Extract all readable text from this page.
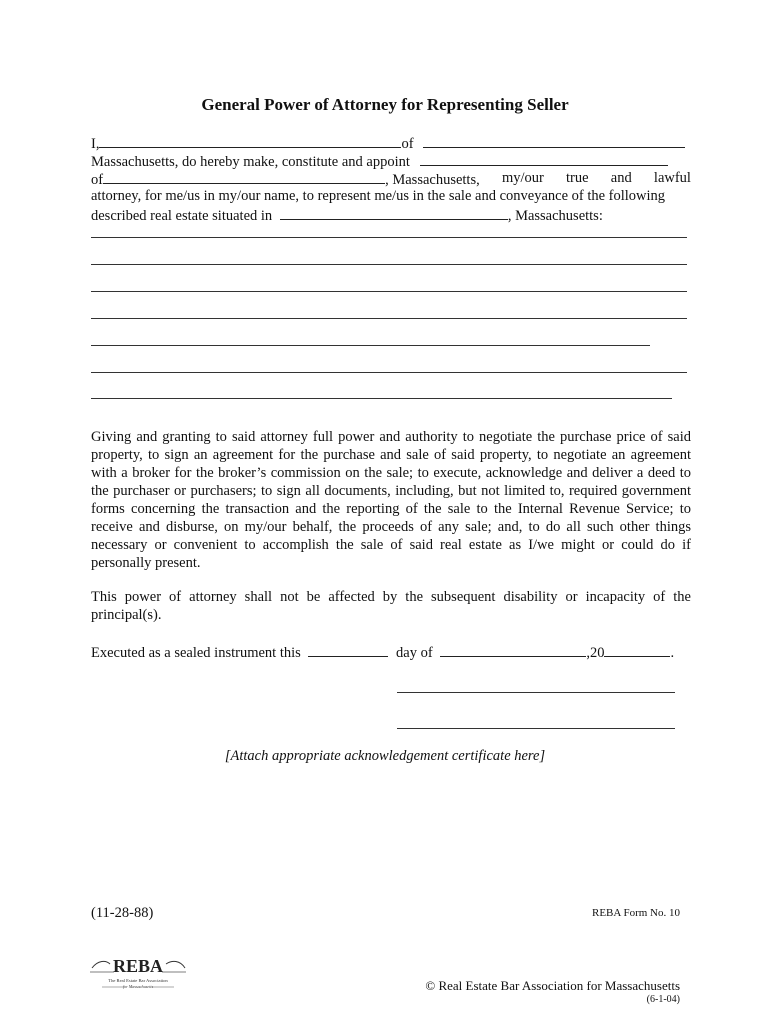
General Power of Attorney for Representing Seller
I,	of
Massachusetts, do hereby make, constitute and appoint
of	, Massachusetts, my/our true and lawful
attorney, for me/us in my/our name, to represent me/us in the sale and conveyance of the following
described real estate situated in	, Massachusetts:
Giving and granting to said attorney full power and authority to negotiate the purchase price of said property, to sign an agreement for the purchase and sale of said property, to negotiate an agreement with a broker for the broker’s commission on the sale; to execute, acknowledge and deliver a deed to the purchaser or purchasers; to sign all documents, including, but not limited to, required government forms concerning the transaction and the reporting of the sale to the Internal Revenue Service; to receive and disburse, on my/our behalf, the proceeds of any sale; and, to do all such other things necessary or convenient to accomplish the sale of said real estate as I/we might or could do if personally present.
This power of attorney shall not be affected by the subsequent disability or incapacity of the principal(s).
Executed as a sealed instrument this	day of	,20	.
[Attach appropriate acknowledgement certificate here]
(11-28-88)	REBA Form No. 10
REBA
The Real Estate Bar Association
for Massachusetts	© Real Estate Bar Association for Massachusetts
(6-1-04)
